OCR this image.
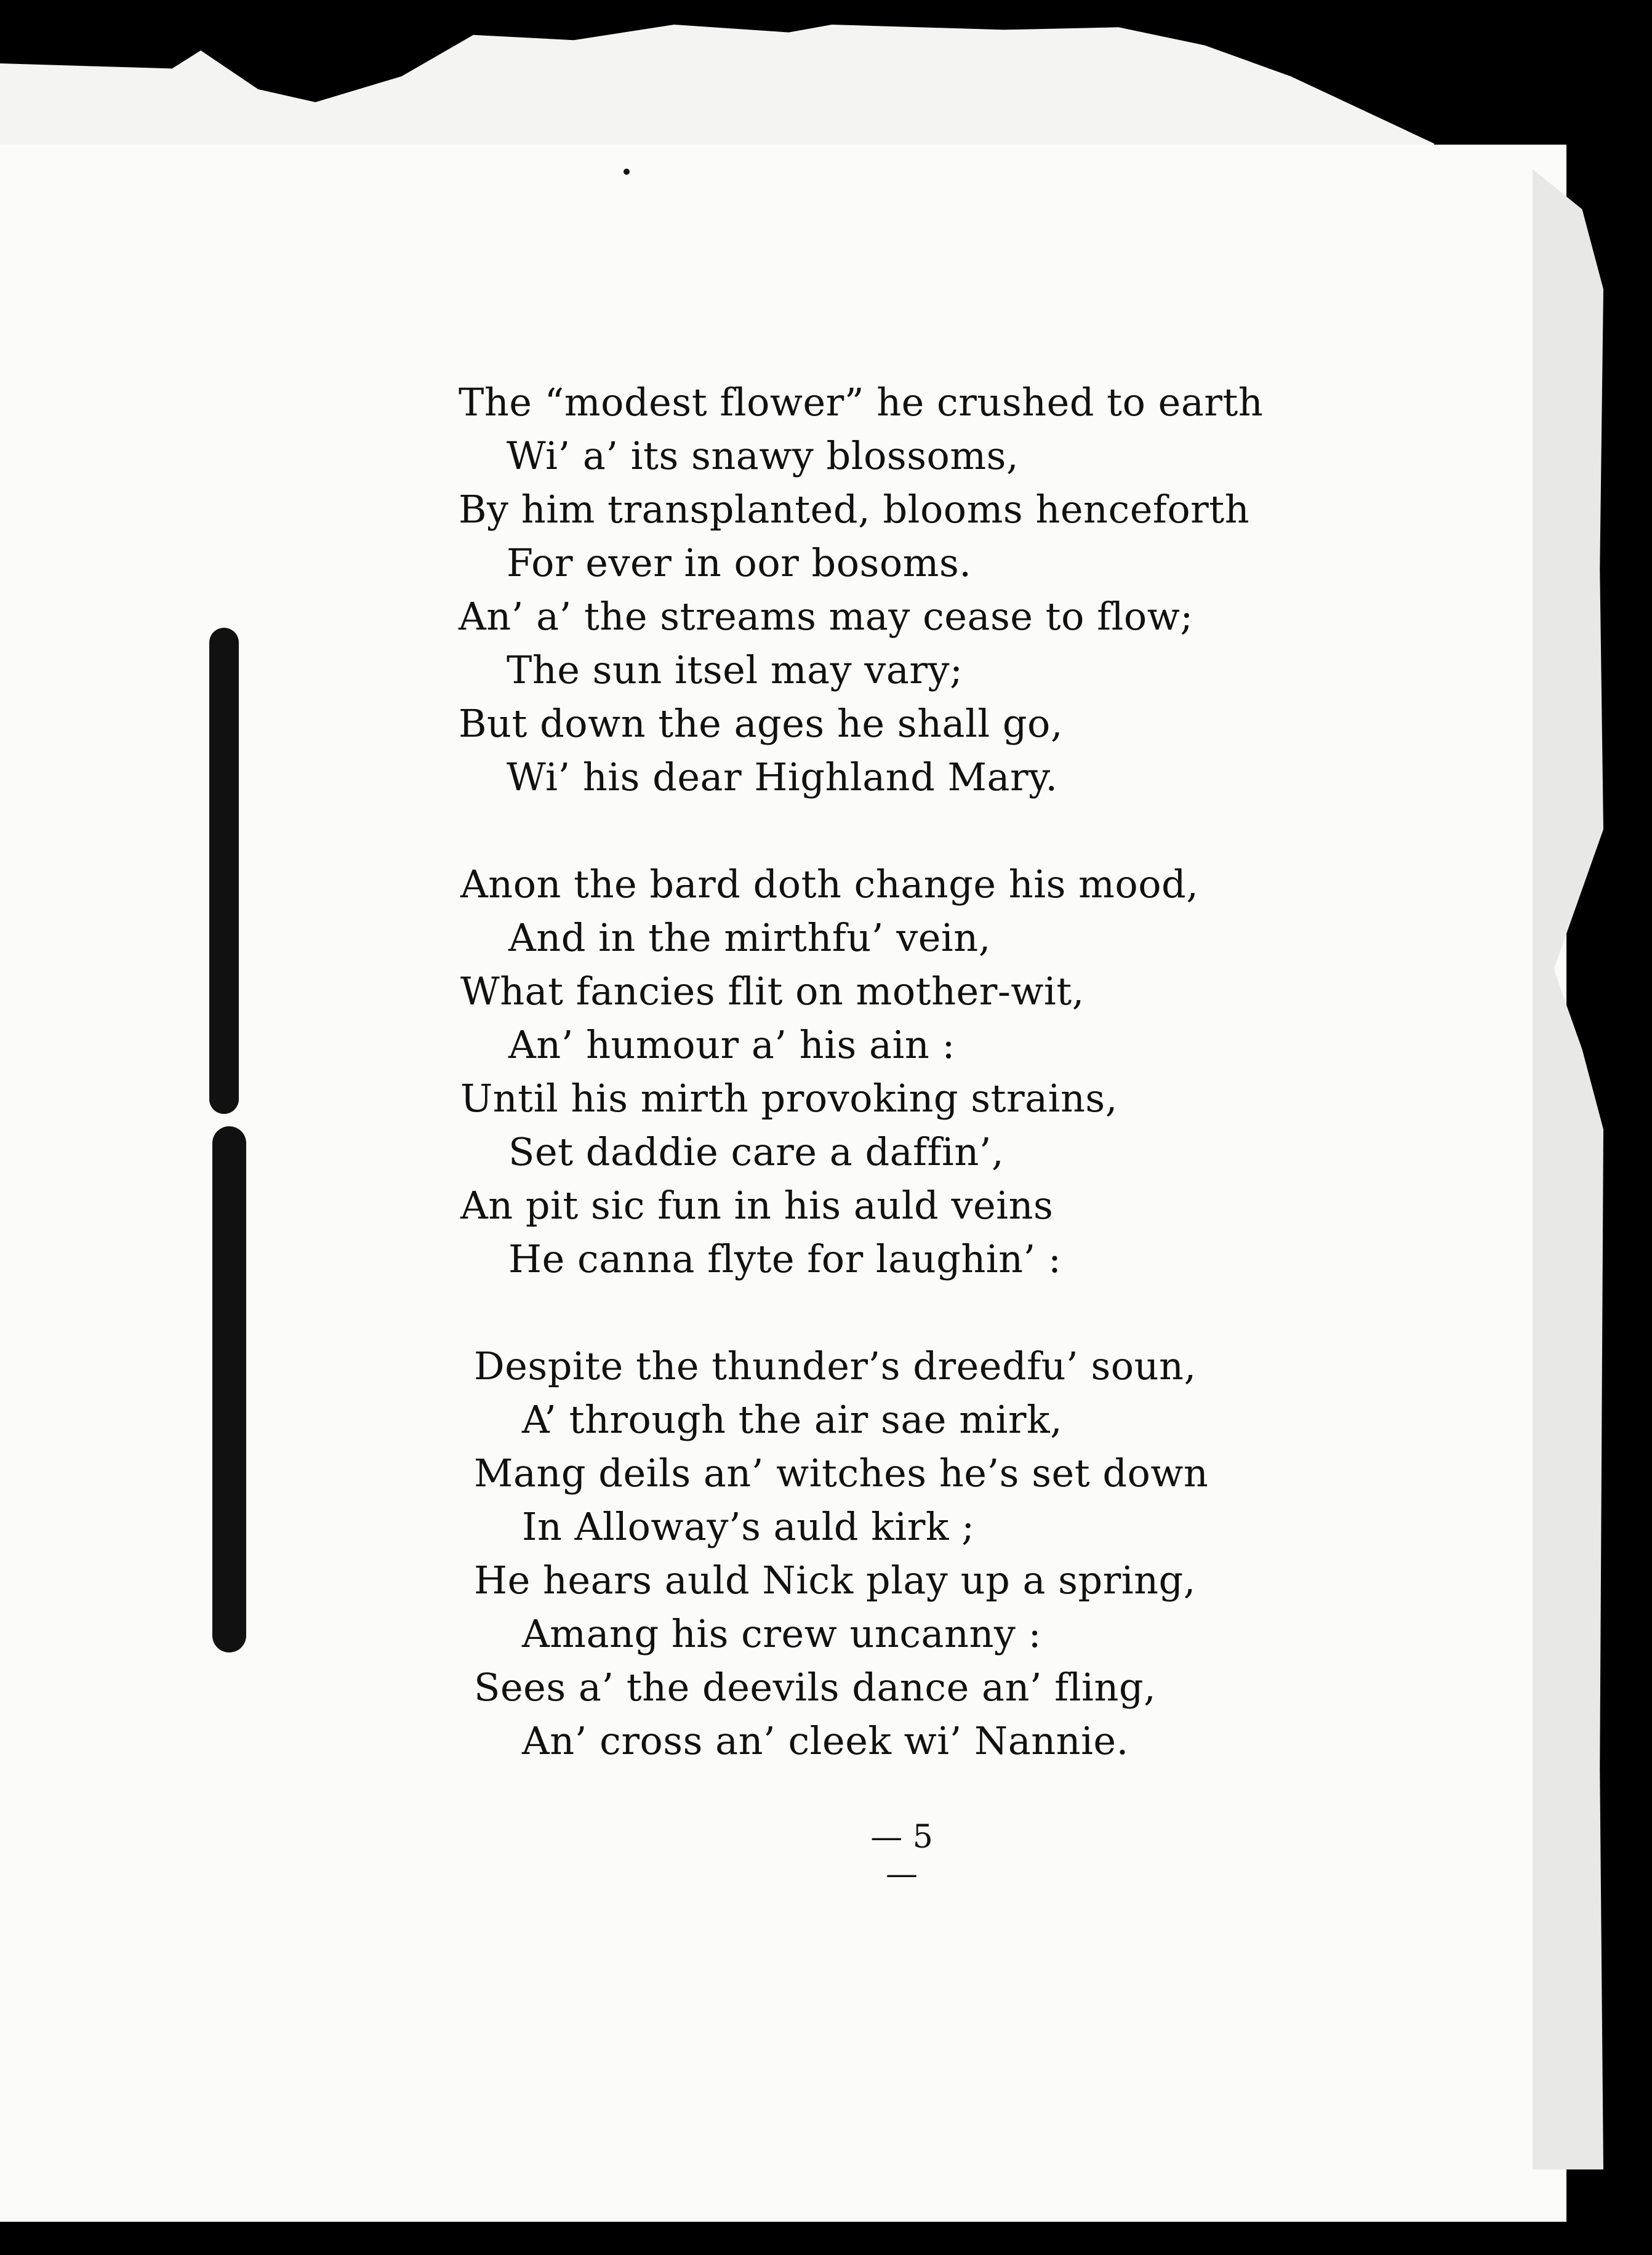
The “modest flower” he crushed to earth
Wi’ a’ its snawy blossoms,
By him transplanted, blooms henceforth
For ever in oor bosoms.
An’ a’ the streams may cease to flow;
The sun itsel may vary;
But down the ages he shall go,
Wi’ his dear Highland Mary.
Anon the bard doth change his mood,
And in the mirthfu’ vein,
What fancies flit on mother-wit,
An’ humour a’ his ain :
Until his mirth provoking strains,
Set daddie care a daffin’,
An pit sic fun in his auld veins
He canna flyte for laughin’ :
Despite the thunder’s dreedfu’ soun,
A’ through the air sae mirk,
Mang deils an’ witches he’s set down
In Alloway’s auld kirk ;
He hears auld Nick play up a spring,
Amang his crew uncanny :
Sees a’ the deevils dance an’ fling,
An’ cross an’ cleek wi’ Nannie.
— 5 —
